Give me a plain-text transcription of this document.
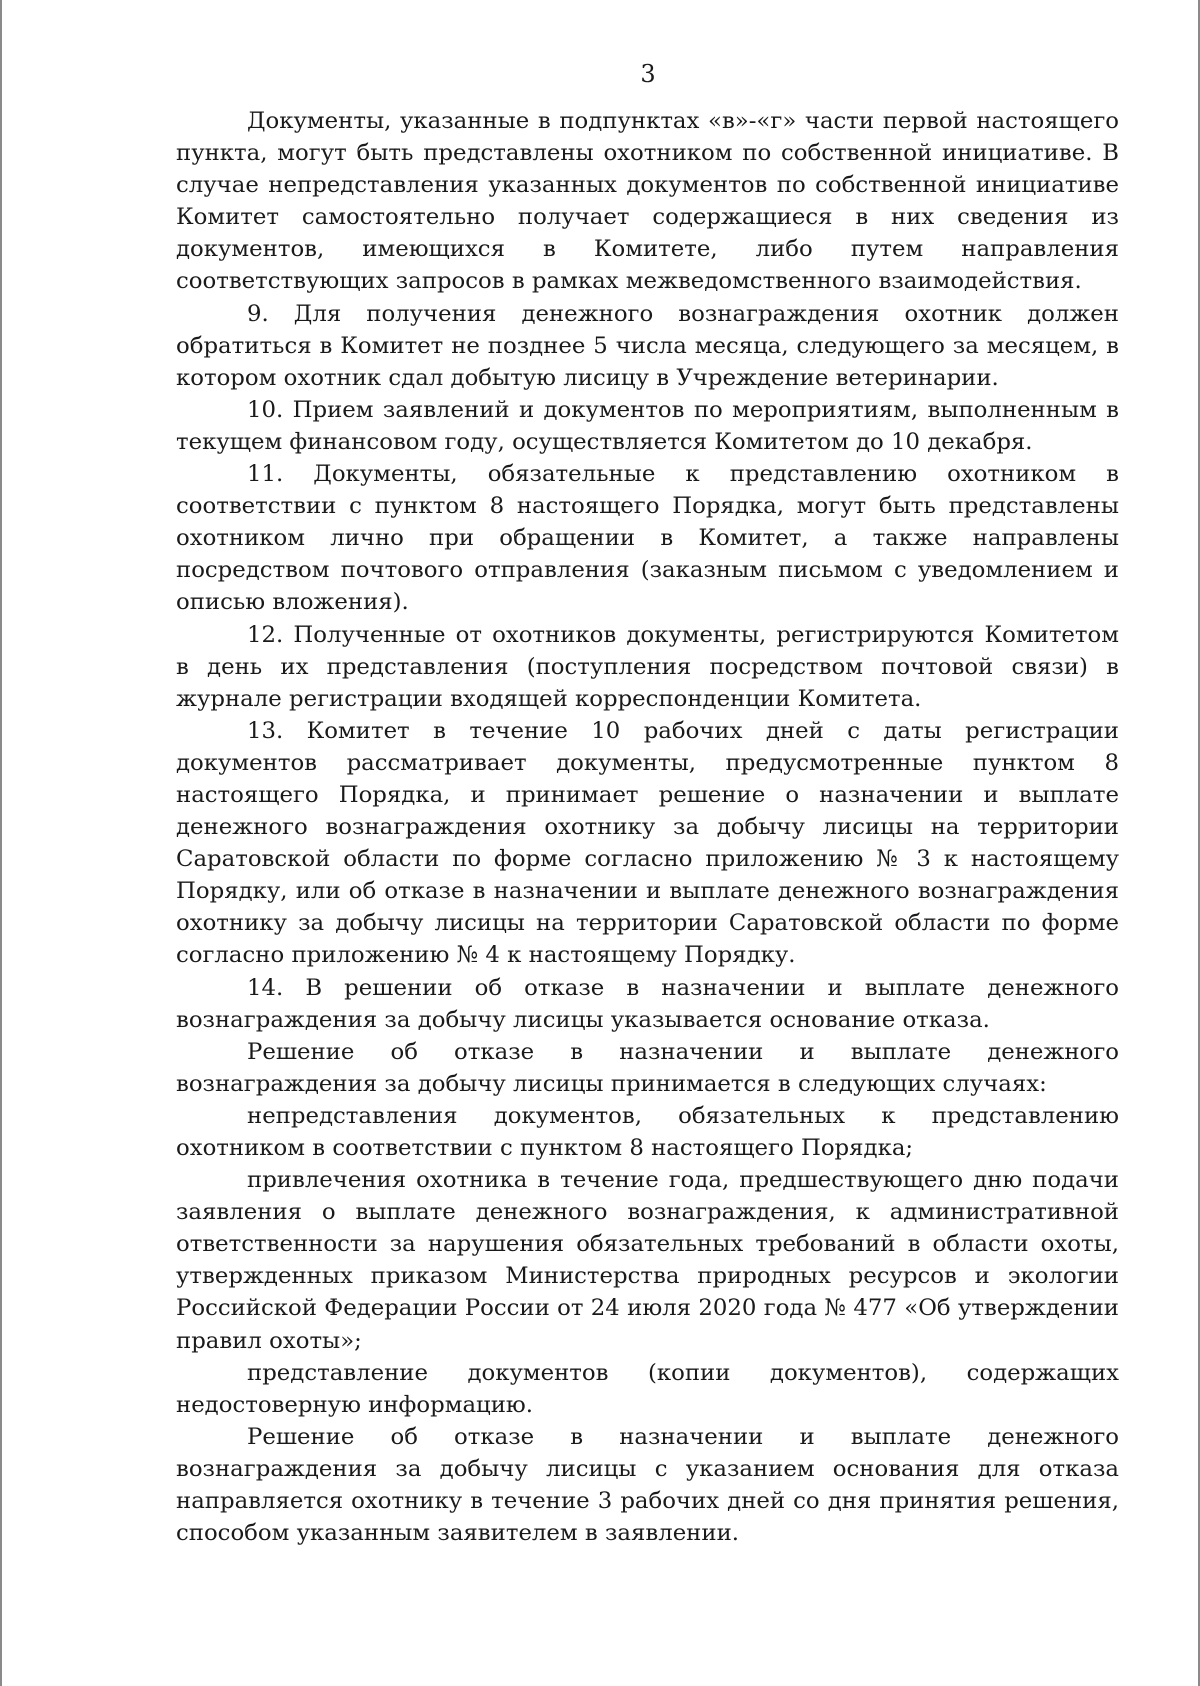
3

Документы, указанные в подпунктах «в»-«г» части первой настоящего пункта, могут быть представлены охотником по собственной инициативе. В случае непредставления указанных документов по собственной инициативе Комитет самостоятельно получает содержащиеся в них сведения из документов, имеющихся в Комитете, либо путем направления соответствующих запросов в рамках межведомственного взаимодействия.

9. Для получения денежного вознаграждения охотник должен обратиться в Комитет не позднее 5 числа месяца, следующего за месяцем, в котором охотник сдал добытую лисицу в Учреждение ветеринарии.

10. Прием заявлений и документов по мероприятиям, выполненным в текущем финансовом году, осуществляется Комитетом до 10 декабря.

11. Документы, обязательные к представлению охотником в соответствии с пунктом 8 настоящего Порядка, могут быть представлены охотником лично при обращении в Комитет, а также направлены посредством почтового отправления (заказным письмом с уведомлением и описью вложения).

12. Полученные от охотников документы, регистрируются Комитетом в день их представления (поступления посредством почтовой связи) в журнале регистрации входящей корреспонденции Комитета.

13. Комитет в течение 10 рабочих дней с даты регистрации документов рассматривает документы, предусмотренные пунктом 8 настоящего Порядка, и принимает решение о назначении и выплате денежного вознаграждения охотнику за добычу лисицы на территории Саратовской области по форме согласно приложению № 3 к настоящему Порядку, или об отказе в назначении и выплате денежного вознаграждения охотнику за добычу лисицы на территории Саратовской области по форме согласно приложению № 4 к настоящему Порядку.

14. В решении об отказе в назначении и выплате денежного вознаграждения за добычу лисицы указывается основание отказа.

Решение об отказе в назначении и выплате денежного вознаграждения за добычу лисицы принимается в следующих случаях:

непредставления документов, обязательных к представлению охотником в соответствии с пунктом 8 настоящего Порядка;

привлечения охотника в течение года, предшествующего дню подачи заявления о выплате денежного вознаграждения, к административной ответственности за нарушения обязательных требований в области охоты, утвержденных приказом Министерства природных ресурсов и экологии Российской Федерации России от 24 июля 2020 года № 477 «Об утверждении правил охоты»;

представление документов (копии документов), содержащих недостоверную информацию.

Решение об отказе в назначении и выплате денежного вознаграждения за добычу лисицы с указанием основания для отказа направляется охотнику в течение 3 рабочих дней со дня принятия решения, способом указанным заявителем в заявлении.
